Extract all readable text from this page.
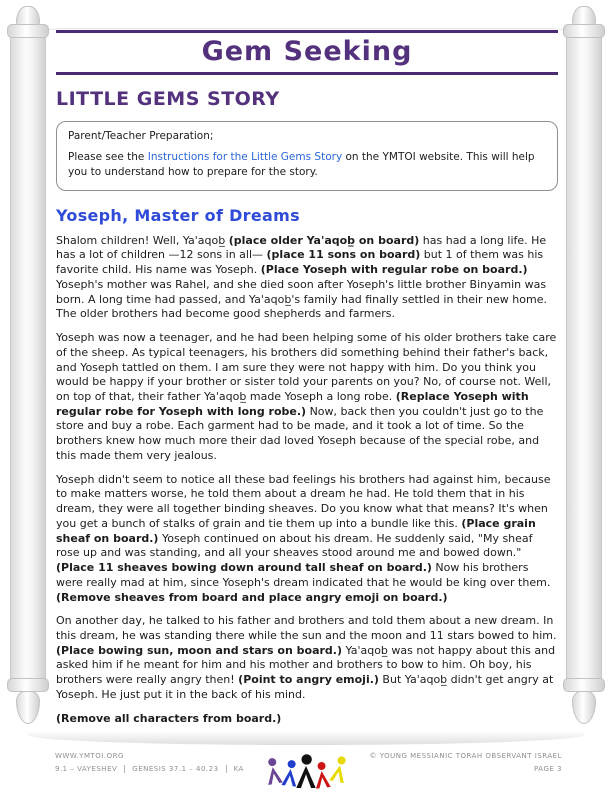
Gem Seeking
LITTLE GEMS STORY
Parent/Teacher Preparation;
Please see the Instructions for the Little Gems Story on the YMTOI website. This will help you to understand how to prepare for the story.
Yoseph, Master of Dreams
Shalom children! Well, Ya'aqob̲ (place older Ya'aqob̲ on board) has had a long life. He has a lot of children —12 sons in all— (place 11 sons on board) but 1 of them was his favorite child. His name was Yoseph. (Place Yoseph with regular robe on board.) Yoseph's mother was Rahel, and she died soon after Yoseph's little brother Binyamin was born. A long time had passed, and Ya'aqob̲'s family had finally settled in their new home. The older brothers had become good shepherds and farmers.
Yoseph was now a teenager, and he had been helping some of his older brothers take care of the sheep. As typical teenagers, his brothers did something behind their father's back, and Yoseph tattled on them. I am sure they were not happy with him. Do you think you would be happy if your brother or sister told your parents on you? No, of course not. Well, on top of that, their father Ya'aqob̲ made Yoseph a long robe. (Replace Yoseph with regular robe for Yoseph with long robe.) Now, back then you couldn't just go to the store and buy a robe. Each garment had to be made, and it took a lot of time. So the brothers knew how much more their dad loved Yoseph because of the special robe, and this made them very jealous.
Yoseph didn't seem to notice all these bad feelings his brothers had against him, because to make matters worse, he told them about a dream he had. He told them that in his dream, they were all together binding sheaves. Do you know what that means? It's when you get a bunch of stalks of grain and tie them up into a bundle like this. (Place grain sheaf on board.) Yoseph continued on about his dream. He suddenly said, "My sheaf rose up and was standing, and all your sheaves stood around me and bowed down." (Place 11 sheaves bowing down around tall sheaf on board.) Now his brothers were really mad at him, since Yoseph's dream indicated that he would be king over them. (Remove sheaves from board and place angry emoji on board.)
On another day, he talked to his father and brothers and told them about a new dream. In this dream, he was standing there while the sun and the moon and 11 stars bowed to him. (Place bowing sun, moon and stars on board.) Ya'aqob̲ was not happy about this and asked him if he meant for him and his mother and brothers to bow to him. Oh boy, his brothers were really angry then! (Point to angry emoji.) But Ya'aqob̲ didn't get angry at Yoseph. He just put it in the back of his mind.
(Remove all characters from board.)
WWW.YMTOI.ORG
9.1 – VAYESHEV GENESIS 37.1 – 40.23 KA
© YOUNG MESSIANIC TORAH OBSERVANT ISRAEL
PAGE 3
